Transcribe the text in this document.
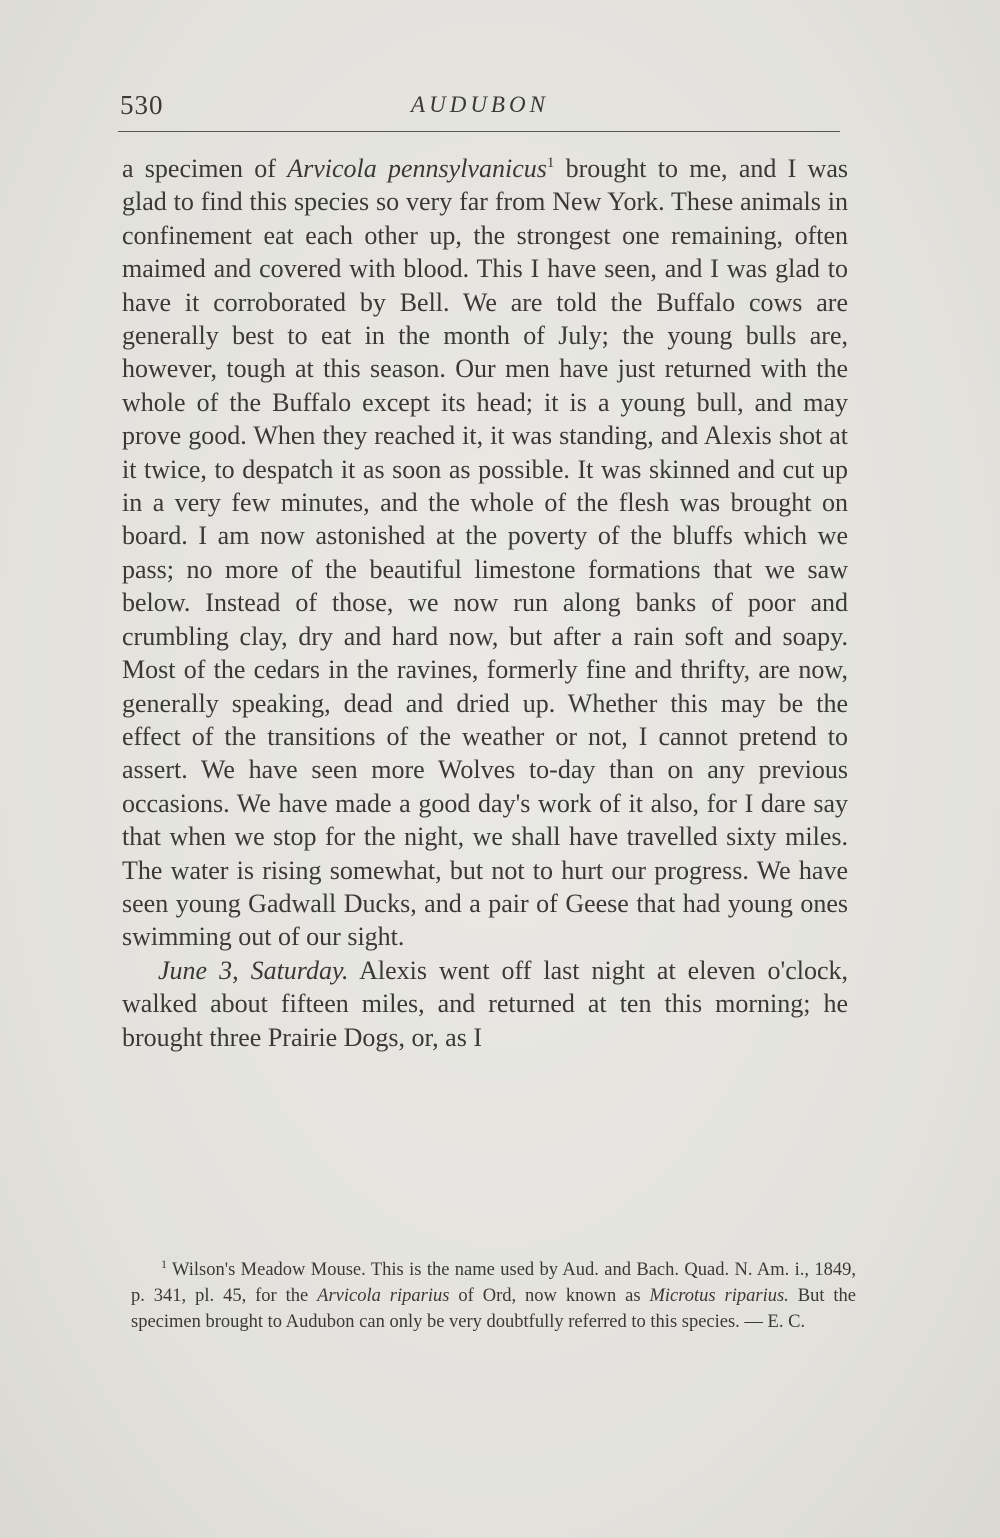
530	AUDUBON

a specimen of Arvicola pennsylvanicus$^1$ brought to me, and I was glad to find this species so very far from New York. These animals in confinement eat each other up, the strongest one remaining, often maimed and covered with blood. This I have seen, and I was glad to have it corroborated by Bell. We are told the Buffalo cows are generally best to eat in the month of July; the young bulls are, however, tough at this season. Our men have just returned with the whole of the Buffalo except its head; it is a young bull, and may prove good. When they reached it, it was standing, and Alexis shot at it twice, to despatch it as soon as possible. It was skinned and cut up in a very few minutes, and the whole of the flesh was brought on board. I am now astonished at the poverty of the bluffs which we pass; no more of the beautiful limestone formations that we saw below. Instead of those, we now run along banks of poor and crumbling clay, dry and hard now, but after a rain soft and soapy. Most of the cedars in the ravines, formerly fine and thrifty, are now, generally speaking, dead and dried up. Whether this may be the effect of the transitions of the weather or not, I cannot pretend to assert. We have seen more Wolves to-day than on any previous occasions. We have made a good day's work of it also, for I dare say that when we stop for the night, we shall have travelled sixty miles. The water is rising somewhat, but not to hurt our progress. We have seen young Gadwall Ducks, and a pair of Geese that had young ones swimming out of our sight.

June 3, Saturday. Alexis went off last night at eleven o'clock, walked about fifteen miles, and returned at ten this morning; he brought three Prairie Dogs, or, as I

$^1$ Wilson's Meadow Mouse. This is the name used by Aud. and Bach. Quad. N. Am. i., 1849, p. 341, pl. 45, for the Arvicola riparius of Ord, now known as Microtus riparius. But the specimen brought to Audubon can only be very doubtfully referred to this species. — E. C.
